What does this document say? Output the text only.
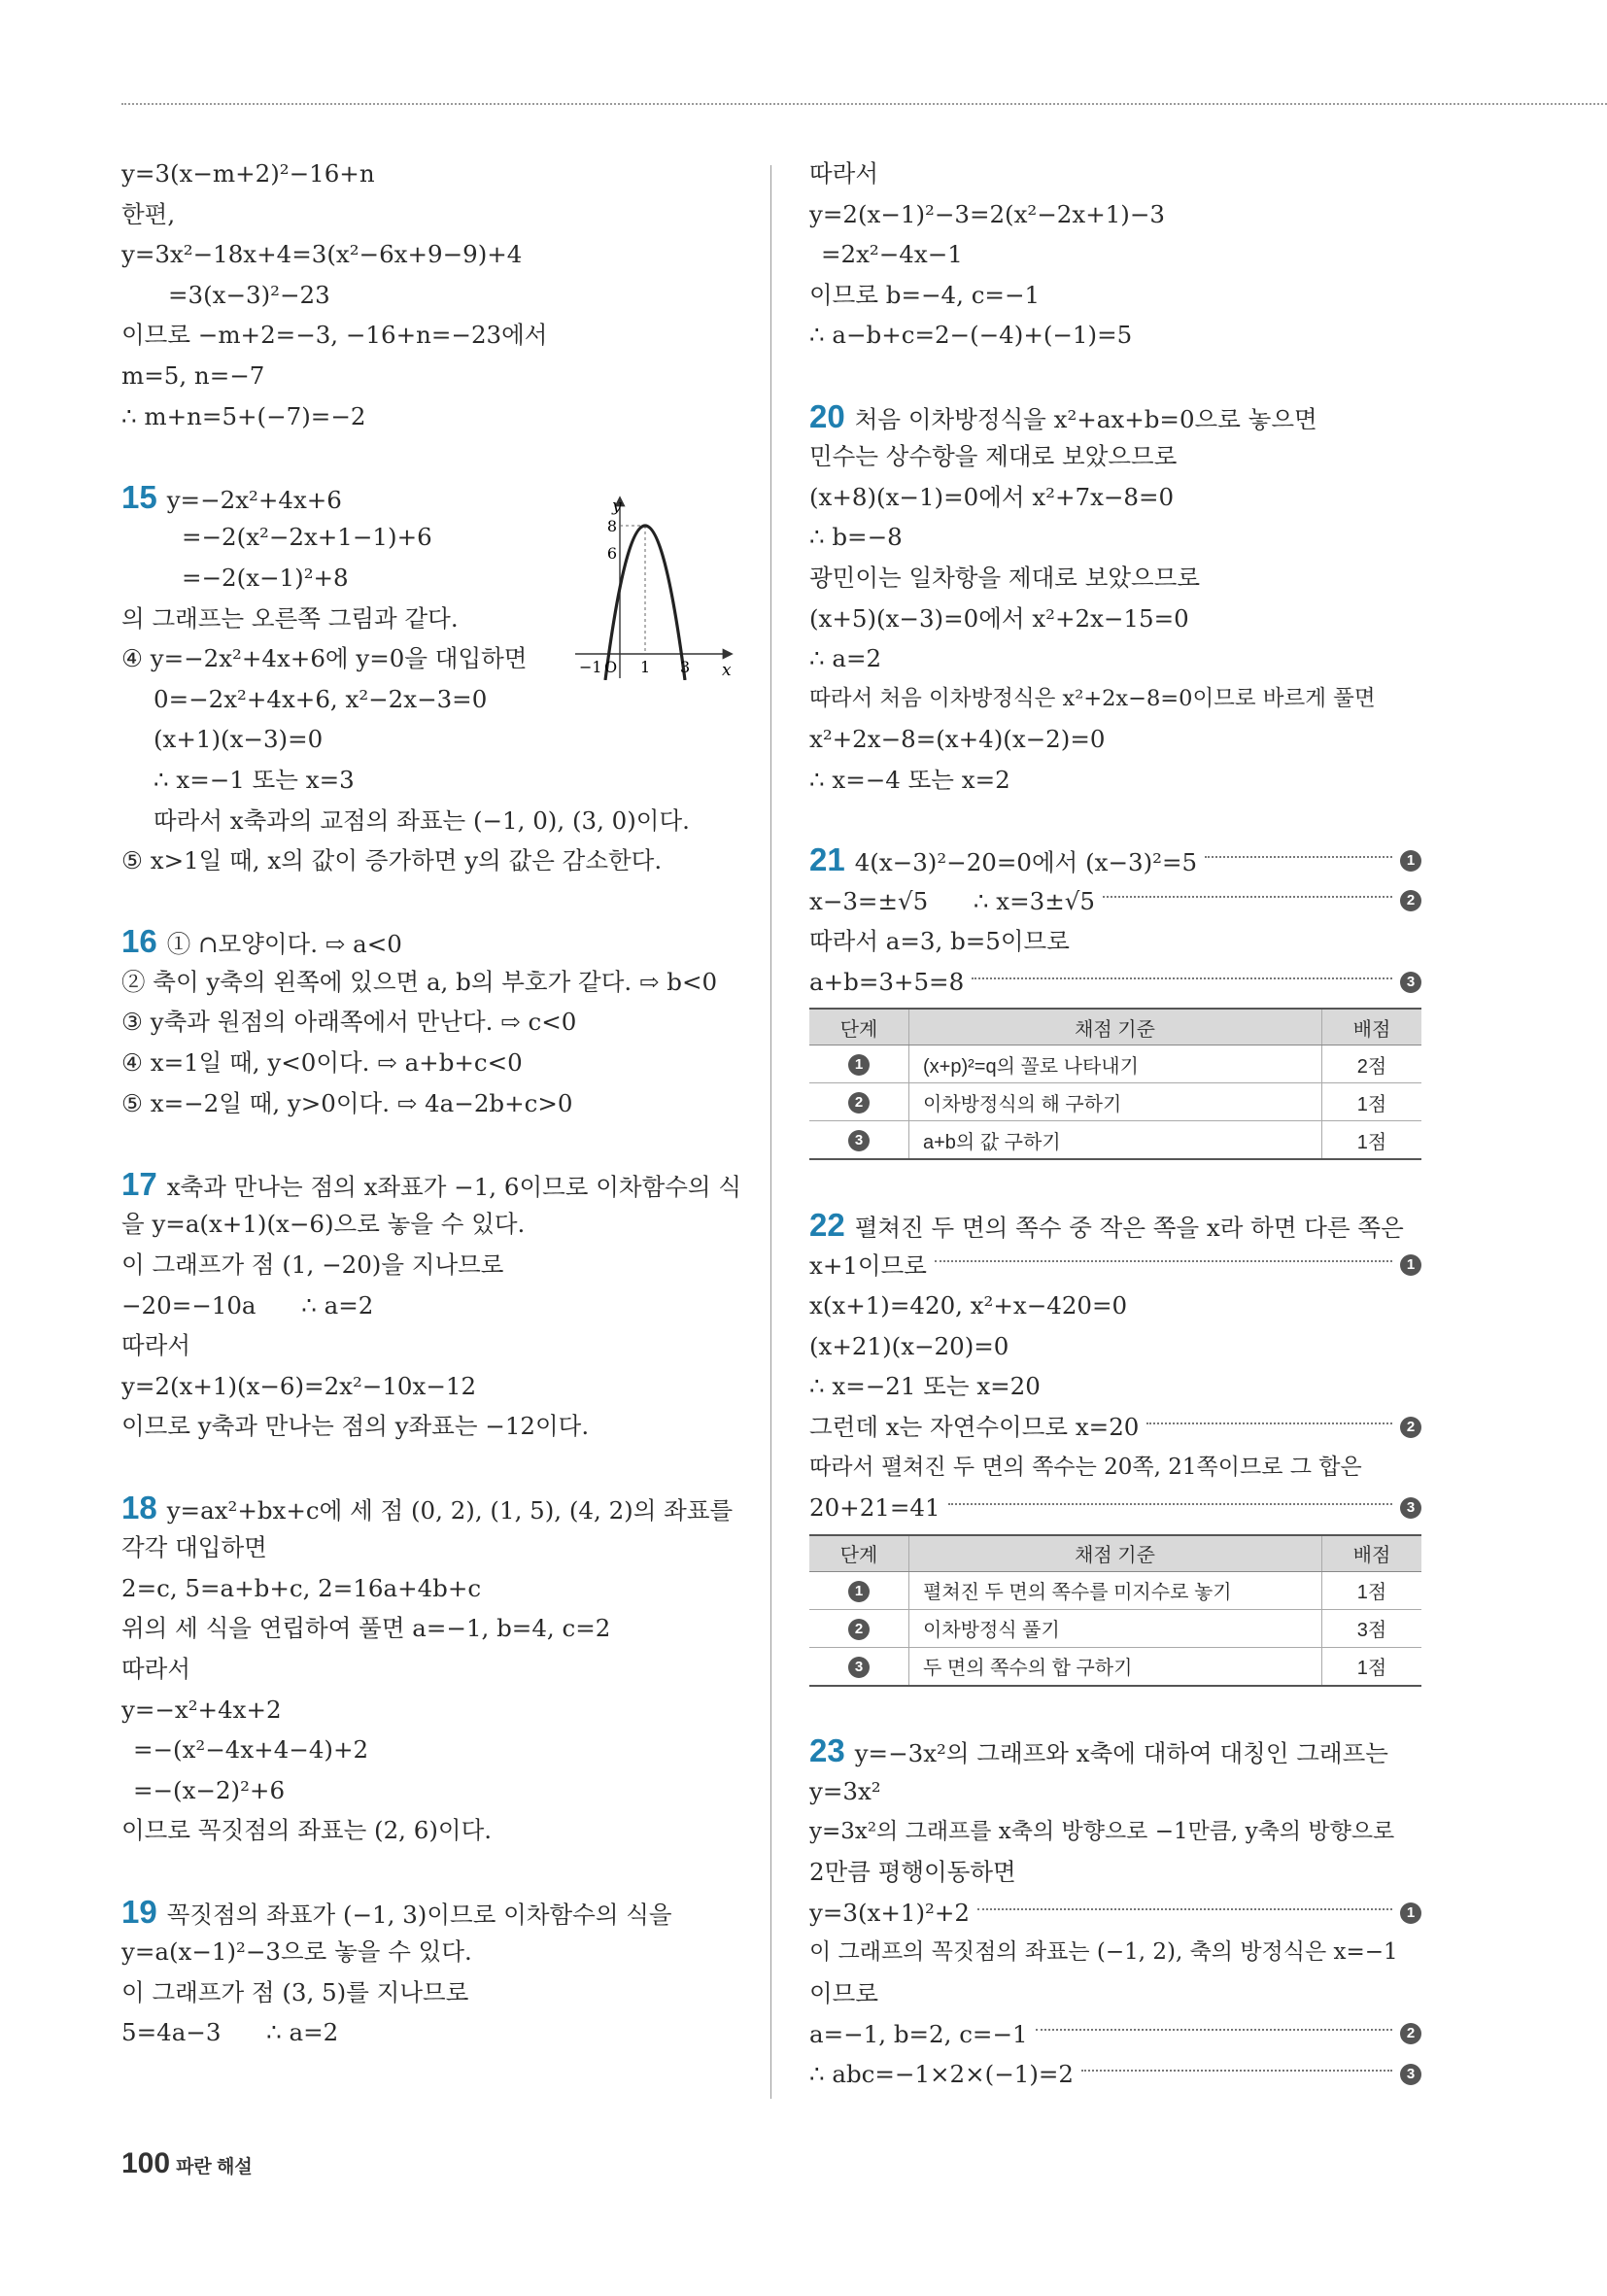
y=3(x−m+2)²−16+n
한편,
y=3x²−18x+4=3(x²−6x+9−9)+4
=3(x−3)²−23
이므로 −m+2=−3, −16+n=−23에서
m=5, n=−7
∴ m+n=5+(−7)=−2
15 y=−2x²+4x+6
=−2(x²−2x+1−1)+6
=−2(x−1)²+8
의 그래프는 오른쪽 그림과 같다.
④ y=−2x²+4x+6에 y=0을 대입하면
0=−2x²+4x+6, x²−2x−3=0
(x+1)(x−3)=0
∴ x=−1 또는 x=3
따라서 x축과의 교점의 좌표는 (−1, 0), (3, 0)이다.
⑤ x>1일 때, x의 값이 증가하면 y의 값은 감소한다.
16 ① ∩모양이다. ⇨ a<0
② 축이 y축의 왼쪽에 있으면 a, b의 부호가 같다. ⇨ b<0
③ y축과 원점의 아래쪽에서 만난다. ⇨ c<0
④ x=1일 때, y<0이다. ⇨ a+b+c<0
⑤ x=−2일 때, y>0이다. ⇨ 4a−2b+c>0
17 x축과 만나는 점의 x좌표가 −1, 6이므로 이차함수의 식
을 y=a(x+1)(x−6)으로 놓을 수 있다.
이 그래프가 점 (1, −20)을 지나므로
−20=−10a      ∴ a=2
따라서
y=2(x+1)(x−6)=2x²−10x−12
이므로 y축과 만나는 점의 y좌표는 −12이다.
18 y=ax²+bx+c에 세 점 (0, 2), (1, 5), (4, 2)의 좌표를
각각 대입하면
2=c, 5=a+b+c, 2=16a+4b+c
위의 세 식을 연립하여 풀면 a=−1, b=4, c=2
따라서
y=−x²+4x+2
=−(x²−4x+4−4)+2
=−(x−2)²+6
이므로 꼭짓점의 좌표는 (2, 6)이다.
19 꼭짓점의 좌표가 (−1, 3)이므로 이차함수의 식을
y=a(x−1)²−3으로 놓을 수 있다.
이 그래프가 점 (3, 5)를 지나므로
5=4a−3      ∴ a=2
y
x
8
6
−1 O 1 3
따라서
y=2(x−1)²−3=2(x²−2x+1)−3
=2x²−4x−1
이므로 b=−4, c=−1
∴ a−b+c=2−(−4)+(−1)=5
20 처음 이차방정식을 x²+ax+b=0으로 놓으면
민수는 상수항을 제대로 보았으므로
(x+8)(x−1)=0에서 x²+7x−8=0
∴ b=−8
광민이는 일차항을 제대로 보았으므로
(x+5)(x−3)=0에서 x²+2x−15=0
∴ a=2
따라서 처음 이차방정식은 x²+2x−8=0이므로 바르게 풀면
x²+2x−8=(x+4)(x−2)=0
∴ x=−4 또는 x=2
21 4(x−3)²−20=0에서 (x−3)²=5	1
x−3=±√5      ∴ x=3±√5	2
따라서 a=3, b=5이므로
a+b=3+5=8	3
단계	채점 기준	배점
1	(x+p)²=q의 꼴로 나타내기	2점
2	이차방정식의 해 구하기	1점
3	a+b의 값 구하기	1점
22 펼쳐진 두 면의 쪽수 중 작은 쪽을 x라 하면 다른 쪽은
x+1이므로	1
x(x+1)=420, x²+x−420=0
(x+21)(x−20)=0
∴ x=−21 또는 x=20
그런데 x는 자연수이므로 x=20	2
따라서 펼쳐진 두 면의 쪽수는 20쪽, 21쪽이므로 그 합은
20+21=41	3
단계	채점 기준	배점
1	펼쳐진 두 면의 쪽수를 미지수로 놓기	1점
2	이차방정식 풀기	3점
3	두 면의 쪽수의 합 구하기	1점
23 y=−3x²의 그래프와 x축에 대하여 대칭인 그래프는
y=3x²
y=3x²의 그래프를 x축의 방향으로 −1만큼, y축의 방향으로
2만큼 평행이동하면
y=3(x+1)²+2	1
이 그래프의 꼭짓점의 좌표는 (−1, 2), 축의 방정식은 x=−1
이므로
a=−1, b=2, c=−1	2
∴ abc=−1×2×(−1)=2	3
100 파란 해설
